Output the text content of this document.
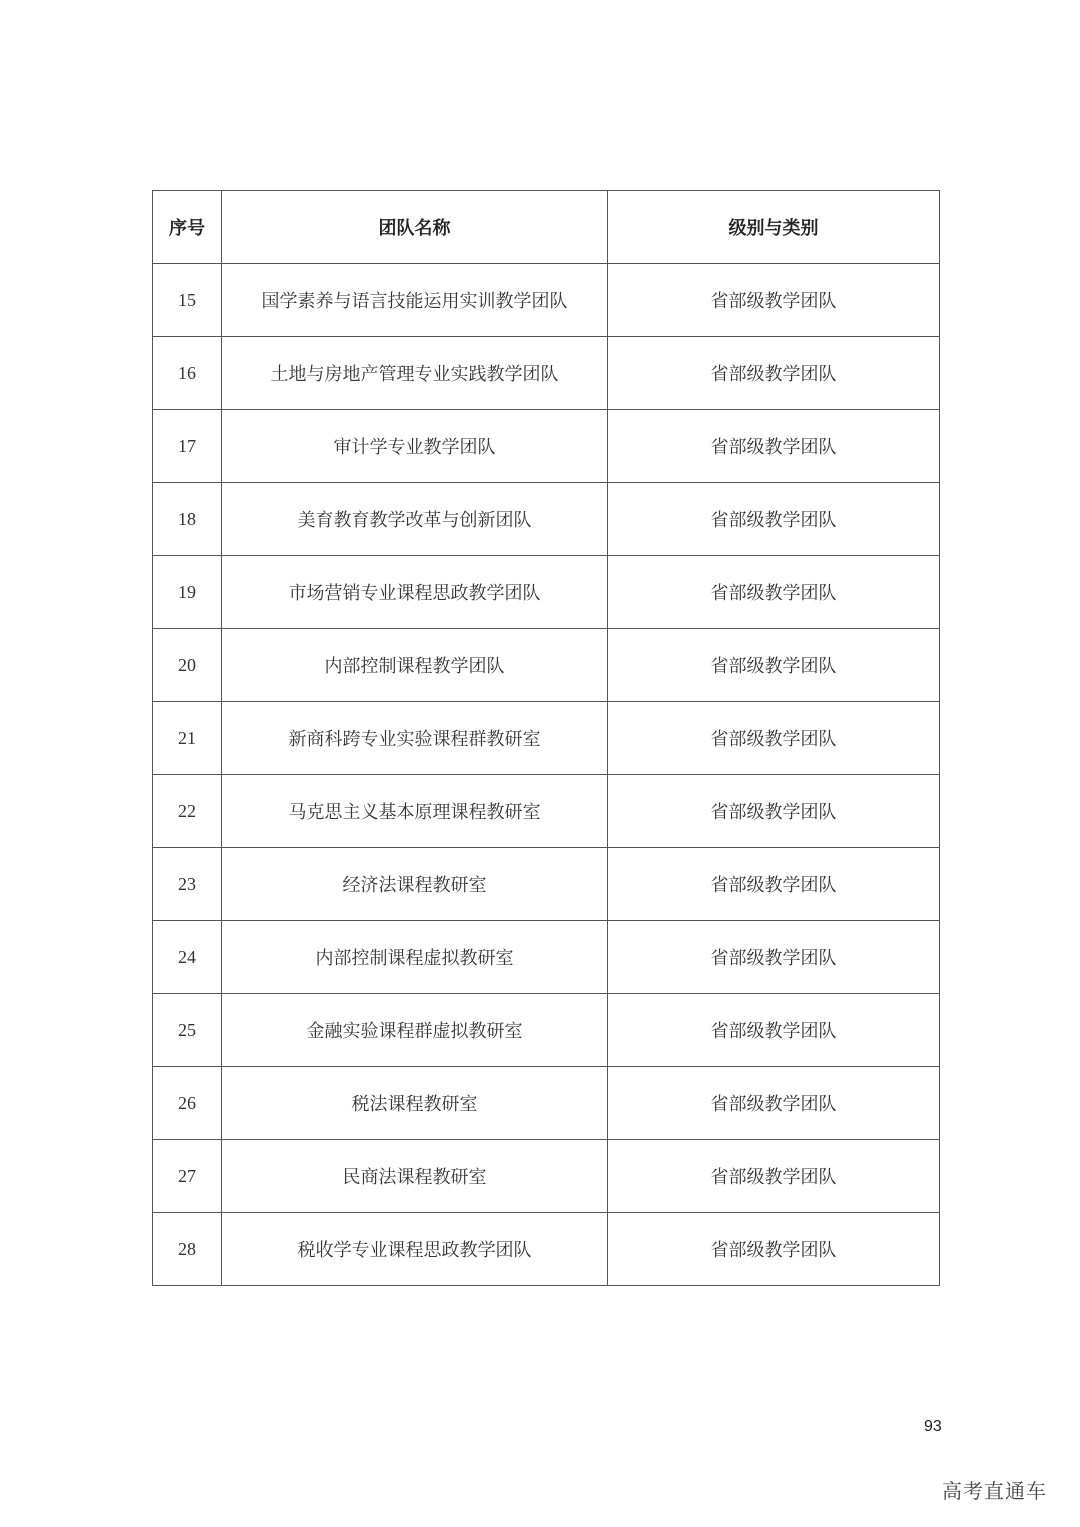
序号	团队名称	级别与类别
15	国学素养与语言技能运用实训教学团队	省部级教学团队
16	土地与房地产管理专业实践教学团队	省部级教学团队
17	审计学专业教学团队	省部级教学团队
18	美育教育教学改革与创新团队	省部级教学团队
19	市场营销专业课程思政教学团队	省部级教学团队
20	内部控制课程教学团队	省部级教学团队
21	新商科跨专业实验课程群教研室	省部级教学团队
22	马克思主义基本原理课程教研室	省部级教学团队
23	经济法课程教研室	省部级教学团队
24	内部控制课程虚拟教研室	省部级教学团队
25	金融实验课程群虚拟教研室	省部级教学团队
26	税法课程教研室	省部级教学团队
27	民商法课程教研室	省部级教学团队
28	税收学专业课程思政教学团队	省部级教学团队
93
高考直通车
